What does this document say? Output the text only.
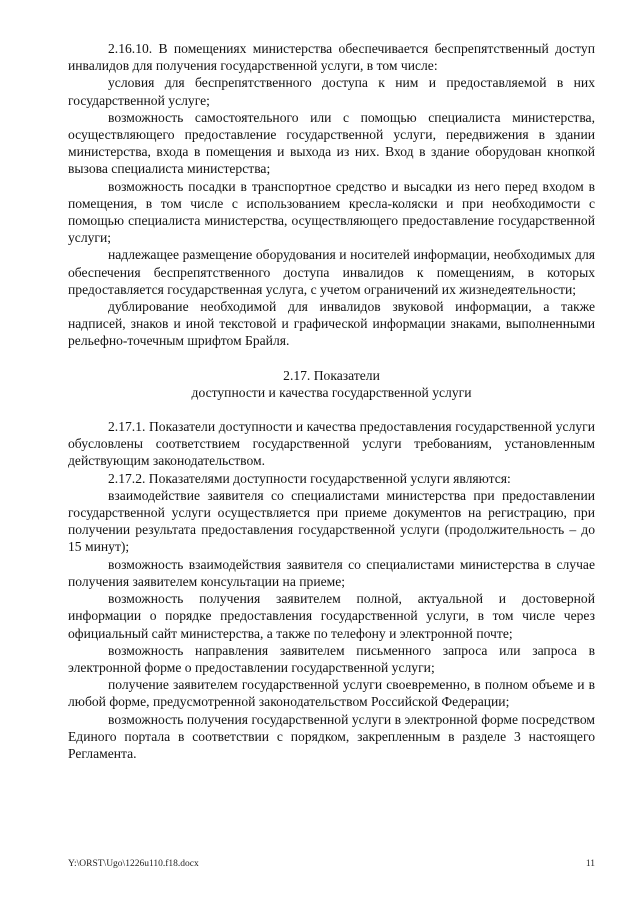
2.16.10. В помещениях министерства обеспечивается беспрепятственный доступ инвалидов для получения государственной услуги, в том числе:

условия для беспрепятственного доступа к ним и предоставляемой в них государственной услуге;

возможность самостоятельного или с помощью специалиста министерства, осуществляющего предоставление государственной услуги, передвижения в здании министерства, входа в помещения и выхода из них. Вход в здание оборудован кнопкой вызова специалиста министерства;

возможность посадки в транспортное средство и высадки из него перед входом в помещения, в том числе с использованием кресла-коляски и при необходимости с помощью специалиста министерства, осуществляющего предоставление государственной услуги;

надлежащее размещение оборудования и носителей информации, необходимых для обеспечения беспрепятственного доступа инвалидов к помещениям, в которых предоставляется государственная услуга, с учетом ограничений их жизнедеятельности;

дублирование необходимой для инвалидов звуковой информации, а также надписей, знаков и иной текстовой и графической информации знаками, выполненными рельефно-точечным шрифтом Брайля.

2.17. Показатели

доступности и качества государственной услуги

2.17.1. Показатели доступности и качества предоставления государственной услуги обусловлены соответствием государственной услуги требованиям, установленным действующим законодательством.

2.17.2. Показателями доступности государственной услуги являются:

взаимодействие заявителя со специалистами министерства при предоставлении государственной услуги осуществляется при приеме документов на регистрацию, при получении результата предоставления государственной услуги (продолжительность – до 15 минут);

возможность взаимодействия заявителя со специалистами министерства в случае получения заявителем консультации на приеме;

возможность получения заявителем полной, актуальной и достоверной информации о порядке предоставления государственной услуги, в том числе через официальный сайт министерства, а также по телефону и электронной почте;

возможность направления заявителем письменного запроса или запроса в электронной форме о предоставлении государственной услуги;

получение заявителем государственной услуги своевременно, в полном объеме и в любой форме, предусмотренной законодательством Российской Федерации;

возможность получения государственной услуги в электронной форме посредством Единого портала в соответствии с порядком, закрепленным в разделе 3 настоящего Регламента.

Y:\ORST\Ugo\1226u110.f18.docx	11
